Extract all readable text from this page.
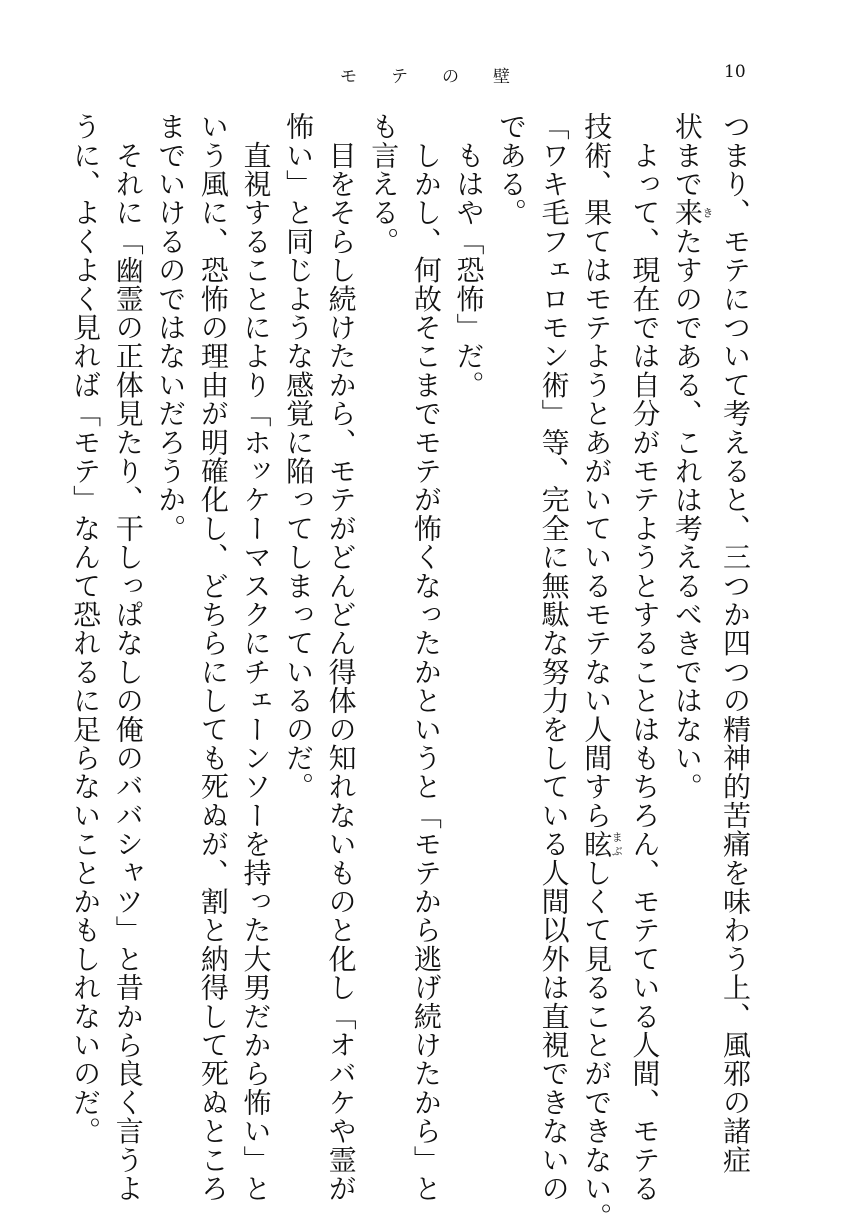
モ テ の 壁	10
つまり、モテについて考えると、三つか四つの精神的苦痛を味わう上、風邪の諸症
状まで来きたすのである、これは考えるべきではない。
よって、現在では自分がモテようとすることはもちろん、モテている人間、モテる
技術、果てはモテようとあがいているモテない人間すら眩まぶしくて見ることができない。
「ワキ毛フェロモン術」等、完全に無駄な努力をしている人間以外は直視できないの
である。
もはや「恐怖」だ。
しかし、何故そこまでモテが怖くなったかというと「モテから逃げ続けたから」と
も言える。
目をそらし続けたから、モテがどんどん得体の知れないものと化し「オバケや霊が
怖い」と同じような感覚に陥ってしまっているのだ。
直視することにより「ホッケーマスクにチェーンソーを持った大男だから怖い」と
いう風に、恐怖の理由が明確化し、どちらにしても死ぬが、割と納得して死ぬところ
までいけるのではないだろうか。
それに「幽霊の正体見たり、干しっぱなしの俺のババシャツ」と昔から良く言うよ
うに、よくよく見れば「モテ」なんて恐れるに足らないことかもしれないのだ。
